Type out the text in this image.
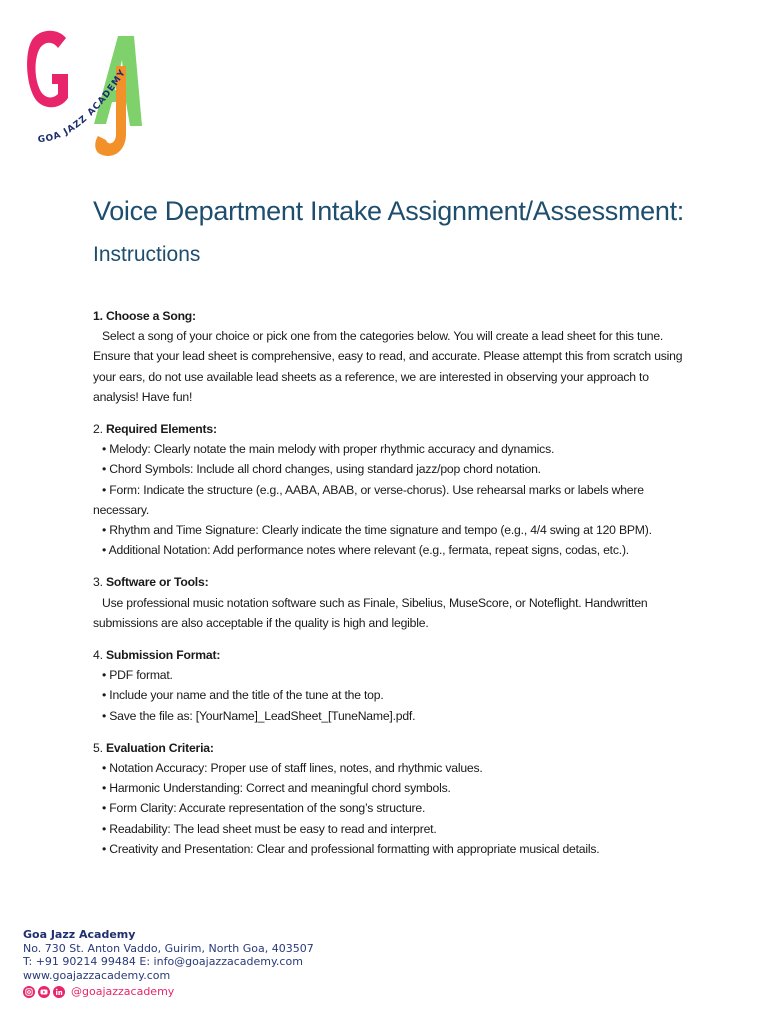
GOA JAZZ ACADEMY
Voice Department Intake Assignment/Assessment:
Instructions

1. Choose a Song:

Select a song of your choice or pick one from the categories below. You will create a lead sheet for this tune. Ensure that your lead sheet is comprehensive, easy to read, and accurate. Please attempt this from scratch using your ears, do not use available lead sheets as a reference, we are interested in observing your approach to analysis! Have fun!

2. Required Elements:

• Melody: Clearly notate the main melody with proper rhythmic accuracy and dynamics.

• Chord Symbols: Include all chord changes, using standard jazz/pop chord notation.

• Form: Indicate the structure (e.g., AABA, ABAB, or verse-chorus). Use rehearsal marks or labels where

necessary.

• Rhythm and Time Signature: Clearly indicate the time signature and tempo (e.g., 4/4 swing at 120 BPM).

• Additional Notation: Add performance notes where relevant (e.g., fermata, repeat signs, codas, etc.).

3. Software or Tools:

Use professional music notation software such as Finale, Sibelius, MuseScore, or Noteflight. Handwritten submissions are also acceptable if the quality is high and legible.

4. Submission Format:

• PDF format.

• Include your name and the title of the tune at the top.

• Save the file as: [YourName]_LeadSheet_[TuneName].pdf.

5. Evaluation Criteria:

• Notation Accuracy: Proper use of staff lines, notes, and rhythmic values.

• Harmonic Understanding: Correct and meaningful chord symbols.

• Form Clarity: Accurate representation of the song’s structure.

• Readability: The lead sheet must be easy to read and interpret.

• Creativity and Presentation: Clear and professional formatting with appropriate musical details.

Goa Jazz Academy
No. 730 St. Anton Vaddo, Guirim, North Goa, 403507
T: +91 90214 99484 E: info@goajazzacademy.com
www.goajazzacademy.com
@goajazzacademy
